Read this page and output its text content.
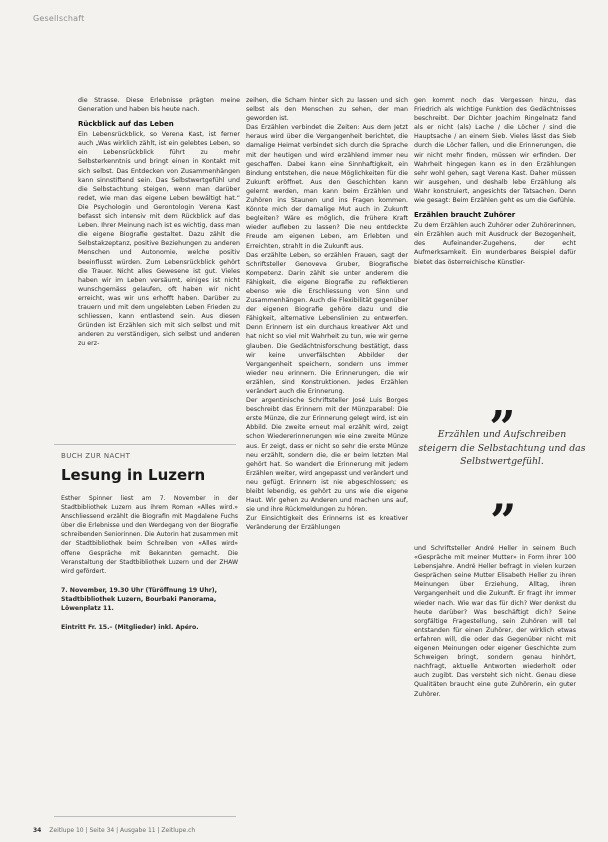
Gesellschaft

die Strasse. Diese Erlebnisse prägten meine Generation und haben bis heute nach.

Rückblick auf das Leben

Ein Lebensrückblick, so Verena Kast, ist ferner auch „Was wirklich zählt, ist ein gelebtes Leben, so ein Lebensrückblick führt zu mehr Selbsterkenntnis und bringt einen in Kontakt mit sich selbst. Das Entdecken von Zusammenhängen kann sinnstiftend sein. Das Selbstwertgefühl und die Selbstachtung steigen, wenn man darüber redet, wie man das eigene Leben bewältigt hat.“ Die Psychologin und Gerontologin Verena Kast befasst sich intensiv mit dem Rückblick auf das Leben. Ihrer Meinung nach ist es wichtig, dass man die eigene Biografie gestaltet. Dazu zählt die Selbstakzeptanz, positive Beziehungen zu anderen Menschen und Autonomie, welche positiv beeinflusst würden. Zum Lebensrückblick gehört die Trauer. Nicht alles Gewesene ist gut. Vieles haben wir im Leben versäumt, einiges ist nicht wunschgemäss gelaufen, oft haben wir nicht erreicht, was wir uns erhofft haben. Darüber zu trauern und mit dem ungelebten Leben Frieden zu schliessen, kann entlastend sein. Aus diesen Gründen ist Erzählen sich mit sich selbst und mit anderen zu verständigen, sich selbst und anderen zu erz-

BUCH ZUR NACHT
Lesung in Luzern
Esther Spinner liest am 7. November in der Stadtbibliothek Luzern aus ihrem Roman «Alles wird.» Anschliessend erzählt die Biografin mit Magdalene Fuchs über die Erlebnisse und den Werdegang von der Biografie schreibenden Seniorinnen. Die Autorin hat zusammen mit der Stadtbibliothek beim Schreiben von «Alles wird» offene Gespräche mit Bekannten gemacht. Die Veranstaltung der Stadtbibliothek Luzern und der ZHAW wird gefördert.
7. November, 19.30 Uhr (Türöffnung 19 Uhr), Stadtbibliothek Luzern, Bourbaki Panorama, Löwenplatz 11.
Eintritt Fr. 15.– (Mitglieder) inkl. Apéro.

zeihen, die Scham hinter sich zu lassen und sich selbst als den Menschen zu sehen, der man geworden ist.

Das Erzählen verbindet die Zeiten: Aus dem Jetzt heraus wird über die Vergangenheit berichtet, die damalige Heimat verbindet sich durch die Sprache mit der heutigen und wird erzählend immer neu geschaffen. Dabei kann eine Sinnhaftigkeit, ein Bindung entstehen, die neue Möglichkeiten für die Zukunft eröffnet. Aus den Geschichten kann gelernt werden, man kann beim Erzählen und Zuhören ins Staunen und ins Fragen kommen. Könnte mich der damalige Mut auch in Zukunft begleiten? Wäre es möglich, die frühere Kraft wieder aufleben zu lassen? Die neu entdeckte Freude am eigenen Leben, am Erlebten und Erreichten, strahlt in die Zukunft aus.

Das erzählte Leben, so erzählen Frauen, sagt der Schriftsteller Genoveva Gruber, Biografische Kompetenz. Darin zählt sie unter anderem die Fähigkeit, die eigene Biografie zu reflektieren ebenso wie die Erschliessung von Sinn und Zusammenhängen. Auch die Flexibilität gegenüber der eigenen Biografie gehöre dazu und die Fähigkeit, alternative Lebenslinien zu entwerfen. Denn Erinnern ist ein durchaus kreativer Akt und hat nicht so viel mit Wahrheit zu tun, wie wir gerne glauben. Die Gedächtnisforschung bestätigt, dass wir keine unverfälschten Abbilder der Vergangenheit speichern, sondern uns immer wieder neu erinnern. Die Erinnerungen, die wir erzählen, sind Konstruktionen. Jedes Erzählen verändert auch die Erinnerung.

Der argentinische Schriftsteller José Luis Borges beschreibt das Erinnern mit der Münzparabel: Die erste Münze, die zur Erinnerung gelegt wird, ist ein Abbild. Die zweite erneut mal erzählt wird, zeigt schon Wiedererinnerungen wie eine zweite Münze aus. Er zeigt, dass er nicht so sehr die erste Münze neu erzählt, sondern die, die er beim letzten Mal gehört hat. So wandert die Erinnerung mit jedem Erzählen weiter, wird angepasst und verändert und neu gefügt. Erinnern ist nie abgeschlossen; es bleibt lebendig, es gehört zu uns wie die eigene Haut. Wir gehen zu Anderen und machen uns auf, sie und ihre Rückmeldungen zu hören.

Zur Einsichtigkeit des Erinnerns ist es kreativer Veränderung der Erzählungen

gen kommt noch das Vergessen hinzu, das Friedrich als wichtige Funktion des Gedächtnisses beschreibt. Der Dichter Joachim Ringelnatz fand als er nicht (als) Lache / die Löcher / sind die Hauptsache / an einem Sieb. Vieles lässt das Sieb durch die Löcher fallen, und die Erinnerungen, die wir nicht mehr finden, müssen wir erfinden. Der Wahrheit hingegen kann es in den Erzählungen sehr wohl gehen, sagt Verena Kast. Daher müssen wir ausgehen, und deshalb lebe Erzählung als Wahr konstruiert, angesichts der Tatsachen. Denn wie gesagt: Beim Erzählen geht es um die Gefühle.

Erzählen braucht Zuhörer

Zu dem Erzählen auch Zuhörer oder Zuhörerinnen, ein Erzählen auch mit Ausdruck der Bezogenheit, des Aufeinander-Zugehens, der echt Aufmerksamkeit. Ein wunderbares Beispiel dafür bietet das österreichische Künstler-

„
Erzählen und Aufschreiben steigern die Selbstachtung und das Selbstwertgefühl.
”

und Schriftsteller André Heller in seinem Buch «Gespräche mit meiner Mutter» in Form ihrer 100 Lebensjahre. André Heller befragt in vielen kurzen Gesprächen seine Mutter Elisabeth Heller zu ihren Meinungen über Erziehung, Alltag, ihren Vergangenheit und die Zukunft. Er fragt ihr immer wieder nach. Wie war das für dich? Wer denkst du heute darüber? Was beschäftigt dich? Seine sorgfältige Fragestellung, sein Zuhören will tel entstanden für einen Zuhörer, der wirklich etwas erfahren will, die oder das Gegenüber nicht mit eigenen Meinungen oder eigener Geschichte zum Schweigen bringt, sondern genau hinhört, nachfragt, aktuelle Antworten wiederholt oder auch zugibt. Das versteht sich nicht. Genau diese Qualitäten braucht eine gute Zuhörerin, ein guter Zuhörer.

34 Zeitlupe 10 | Seite 34 | Ausgabe 11 | Zeitlupe.ch
